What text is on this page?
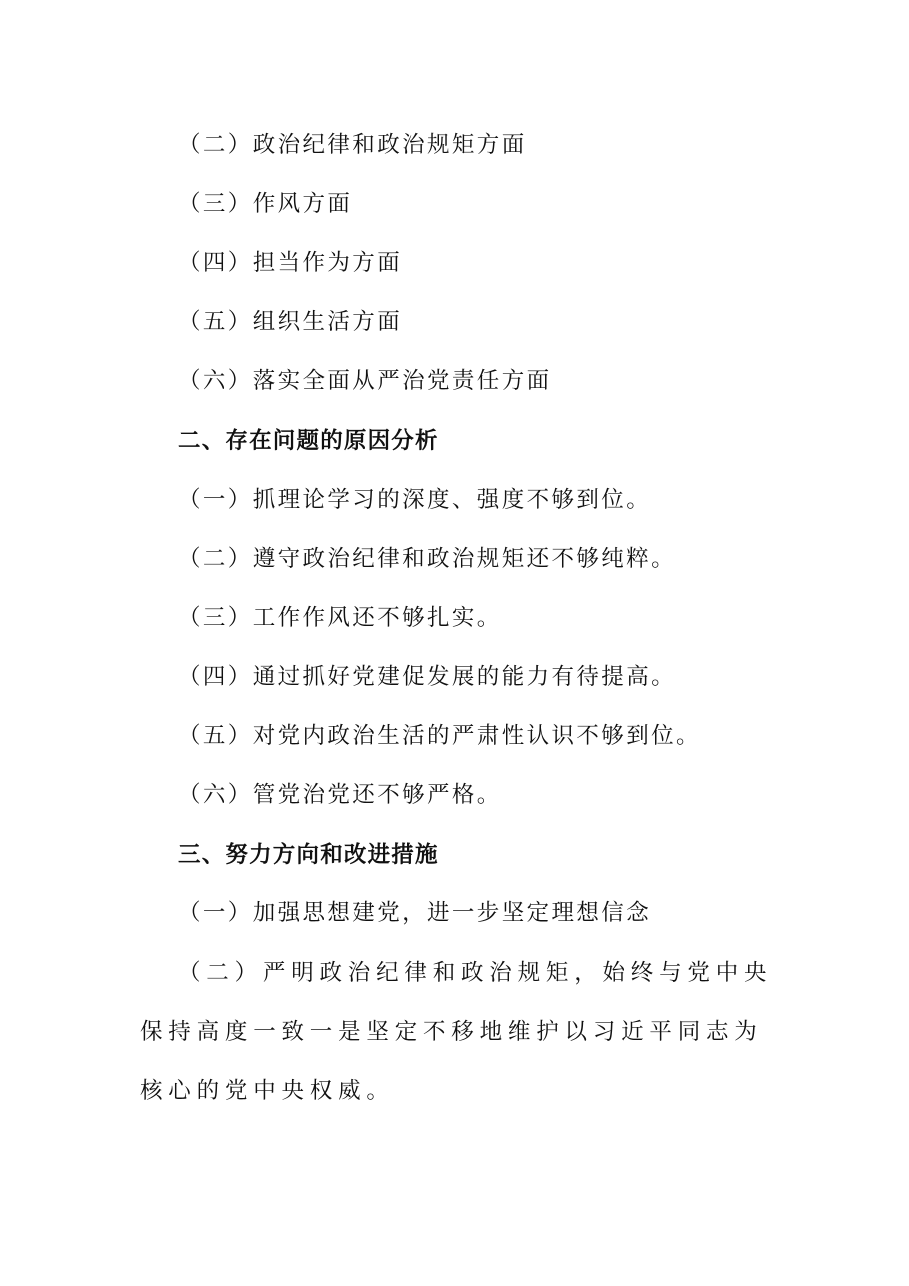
（二）政治纪律和政治规矩方面
（三）作风方面
（四）担当作为方面
（五）组织生活方面
（六）落实全面从严治党责任方面
二、存在问题的原因分析
（一）抓理论学习的深度、强度不够到位。
（二）遵守政治纪律和政治规矩还不够纯粹。
（三）工作作风还不够扎实。
（四）通过抓好党建促发展的能力有待提高。
（五）对党内政治生活的严肃性认识不够到位。
（六）管党治党还不够严格。
三、努力方向和改进措施
（一）加强思想建党，进一步坚定理想信念
（二）严明政治纪律和政治规矩，始终与党中央保持高度一致一是坚定不移地维护以习近平同志为核心的党中央权威。
